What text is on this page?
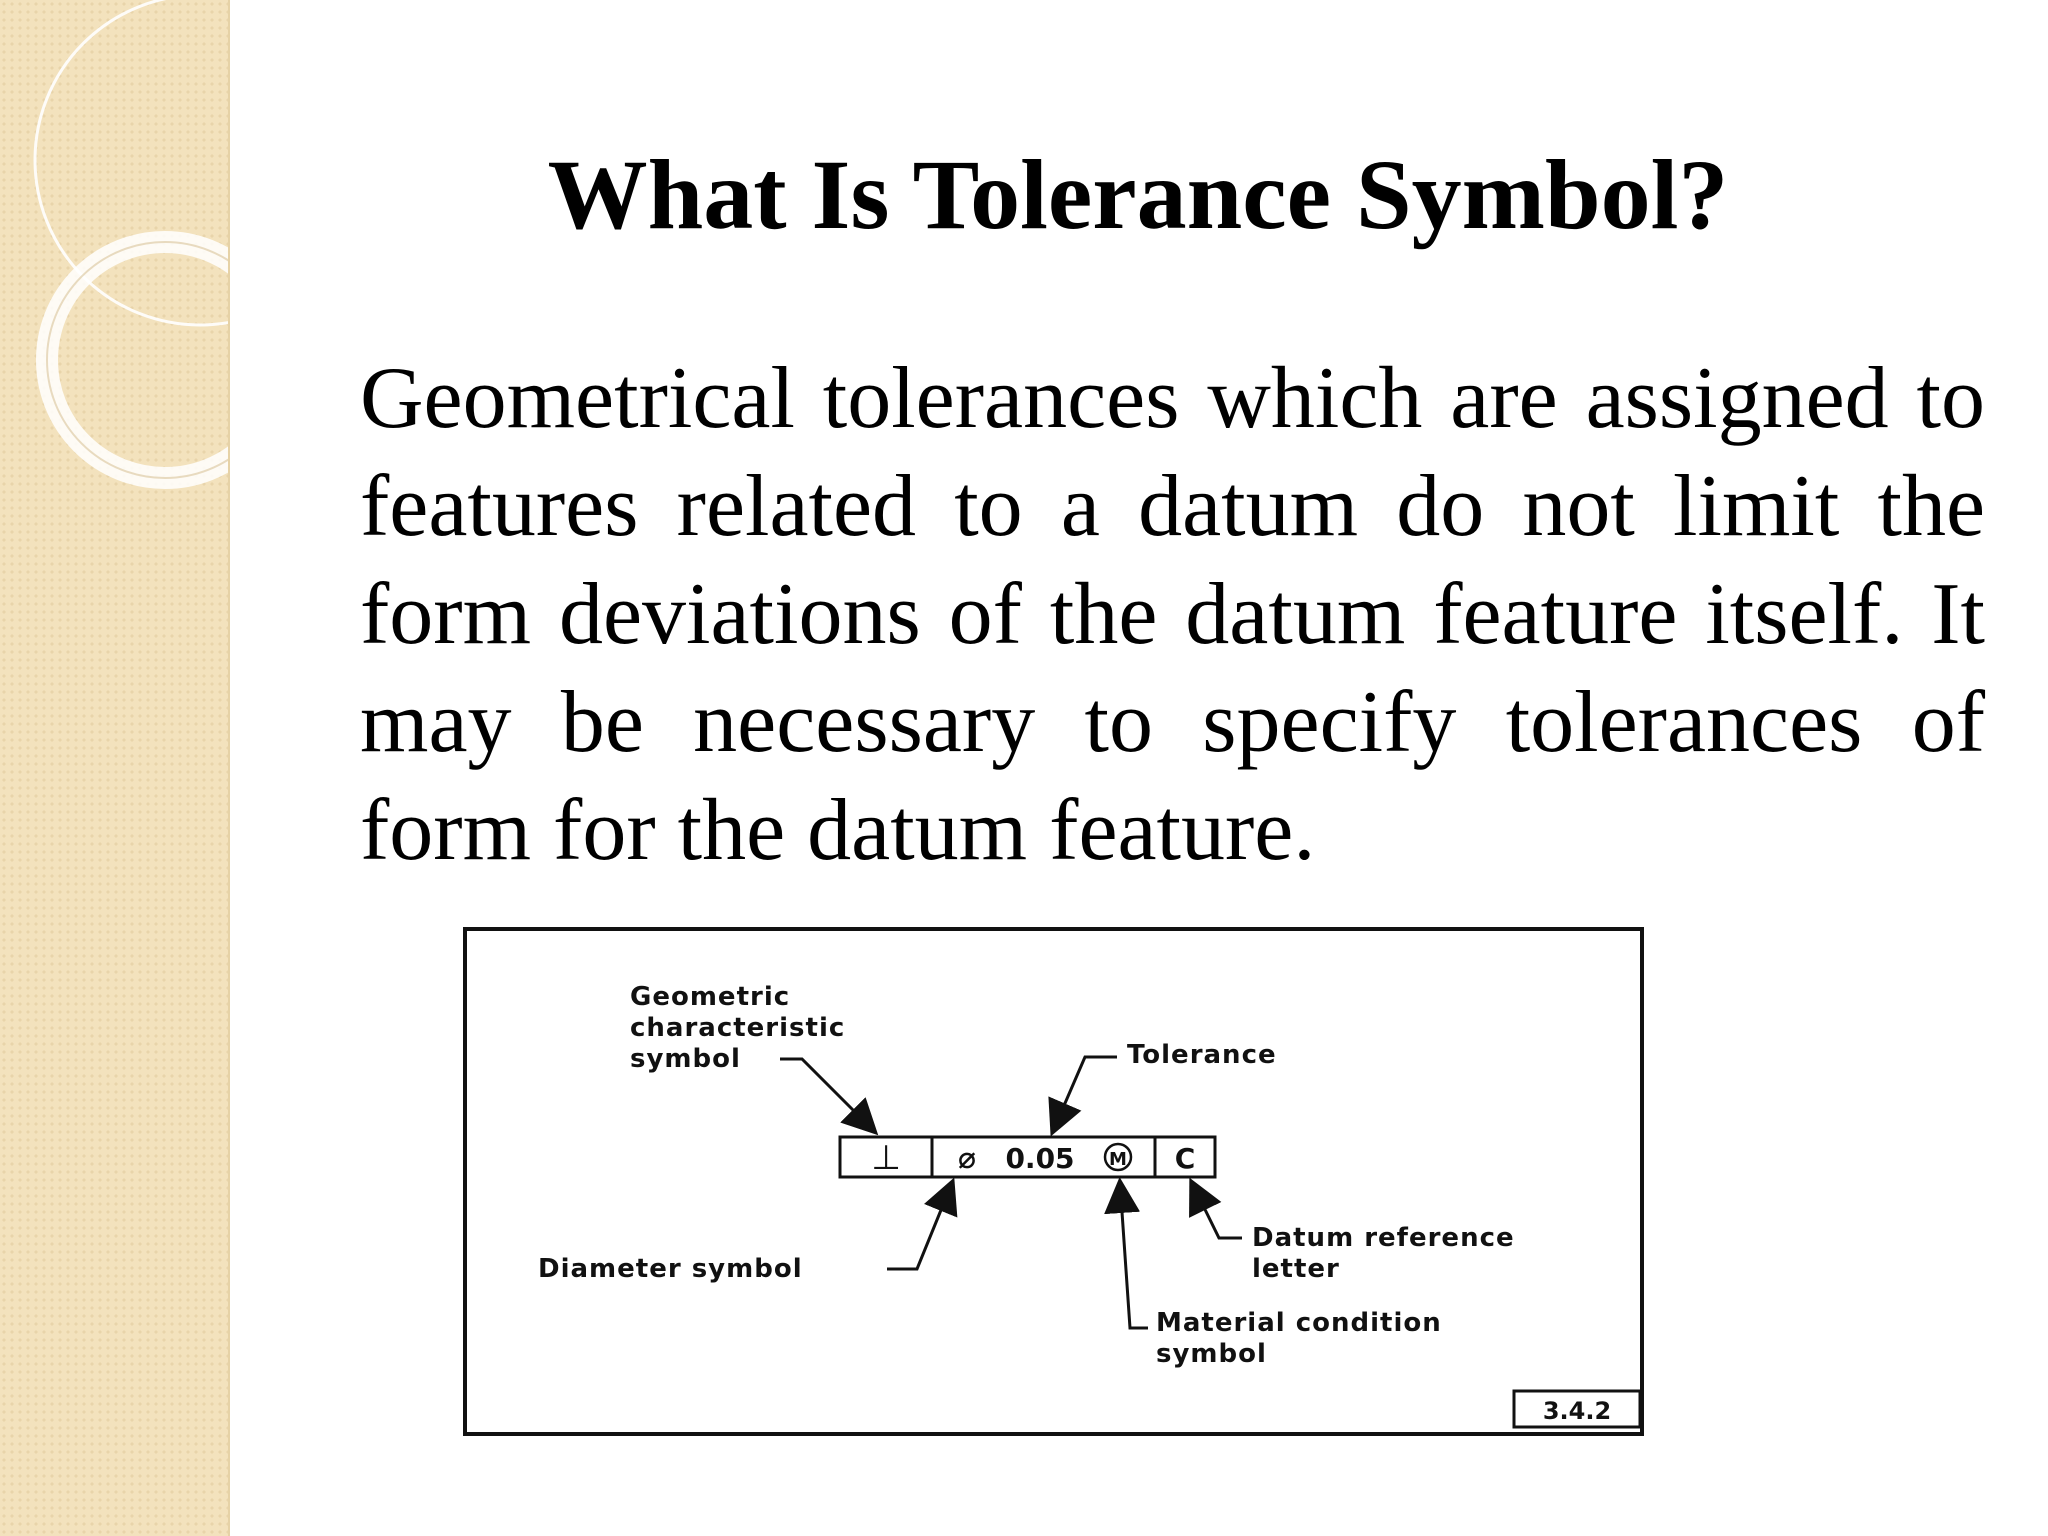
What Is Tolerance Symbol?
Geometrical tolerances which are assigned to features related to a datum do not limit the form deviations of the datum feature itself. It may be necessary to specify tolerances of form for the datum feature.
⊥ ⌀ 0.05 M C
3.4.2
Geometric
characteristic
symbol	Tolerance
Diameter symbol
Datum reference
letter
Material condition
symbol
